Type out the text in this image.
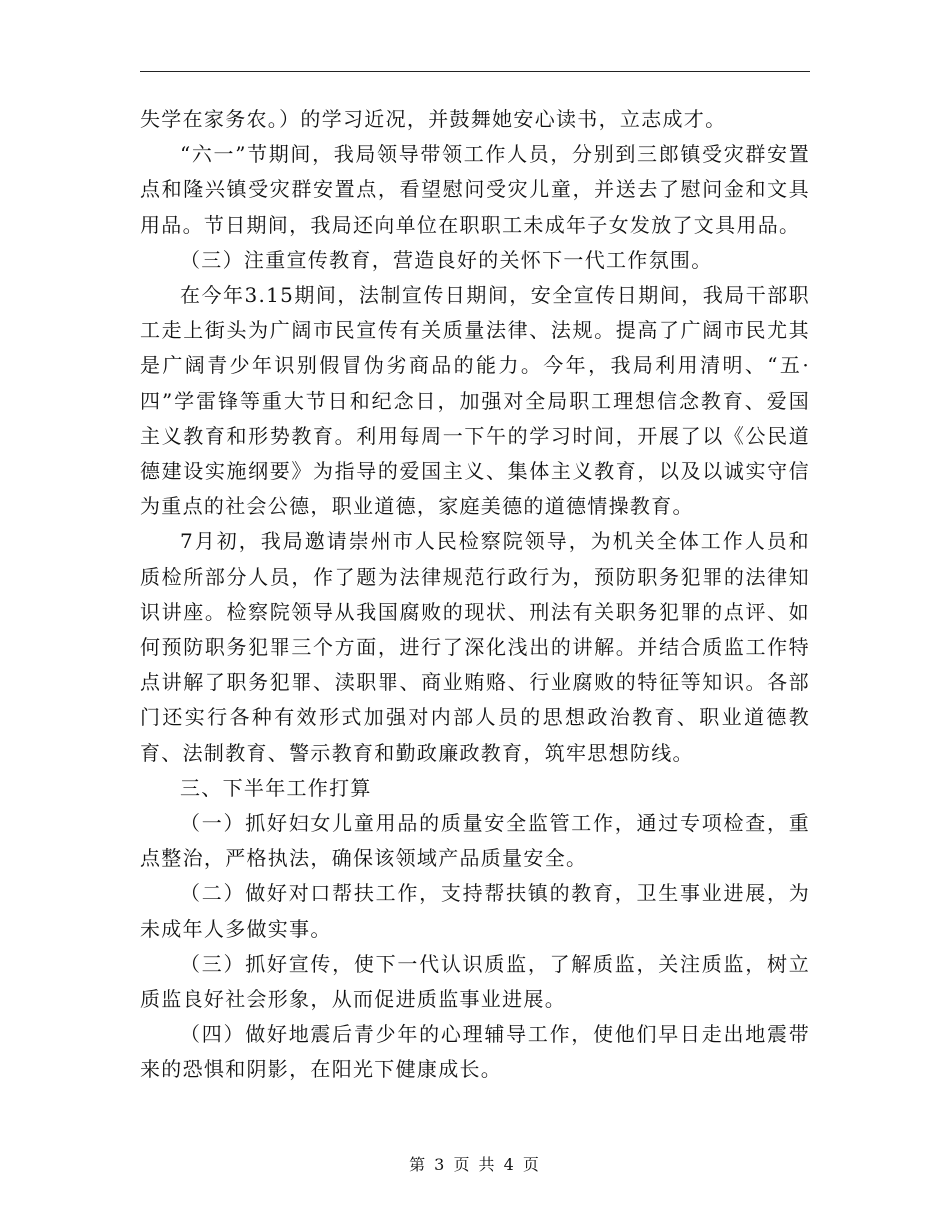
失学在家务农。）的学习近况，并鼓舞她安心读书，立志成才。

“六一”节期间，我局领导带领工作人员，分别到三郎镇受灾群安置点和隆兴镇受灾群安置点，看望慰问受灾儿童，并送去了慰问金和文具用品。节日期间，我局还向单位在职职工未成年子女发放了文具用品。

（三）注重宣传教育，营造良好的关怀下一代工作氛围。

在今年3.15期间，法制宣传日期间，安全宣传日期间，我局干部职工走上街头为广阔市民宣传有关质量法律、法规。提高了广阔市民尤其是广阔青少年识别假冒伪劣商品的能力。今年，我局利用清明、“五·四”学雷锋等重大节日和纪念日，加强对全局职工理想信念教育、爱国主义教育和形势教育。利用每周一下午的学习时间，开展了以《公民道德建设实施纲要》为指导的爱国主义、集体主义教育，以及以诚实守信为重点的社会公德，职业道德，家庭美德的道德情操教育。

7月初，我局邀请崇州市人民检察院领导，为机关全体工作人员和质检所部分人员，作了题为法律规范行政行为，预防职务犯罪的法律知识讲座。检察院领导从我国腐败的现状、刑法有关职务犯罪的点评、如何预防职务犯罪三个方面，进行了深化浅出的讲解。并结合质监工作特点讲解了职务犯罪、渎职罪、商业贿赂、行业腐败的特征等知识。各部门还实行各种有效形式加强对内部人员的思想政治教育、职业道德教育、法制教育、警示教育和勤政廉政教育，筑牢思想防线。

三、下半年工作打算

（一）抓好妇女儿童用品的质量安全监管工作，通过专项检查，重点整治，严格执法，确保该领域产品质量安全。

（二）做好对口帮扶工作，支持帮扶镇的教育，卫生事业进展，为未成年人多做实事。

（三）抓好宣传，使下一代认识质监，了解质监，关注质监，树立质监良好社会形象，从而促进质监事业进展。

（四）做好地震后青少年的心理辅导工作，使他们早日走出地震带来的恐惧和阴影，在阳光下健康成长。

第 3 页 共 4 页
